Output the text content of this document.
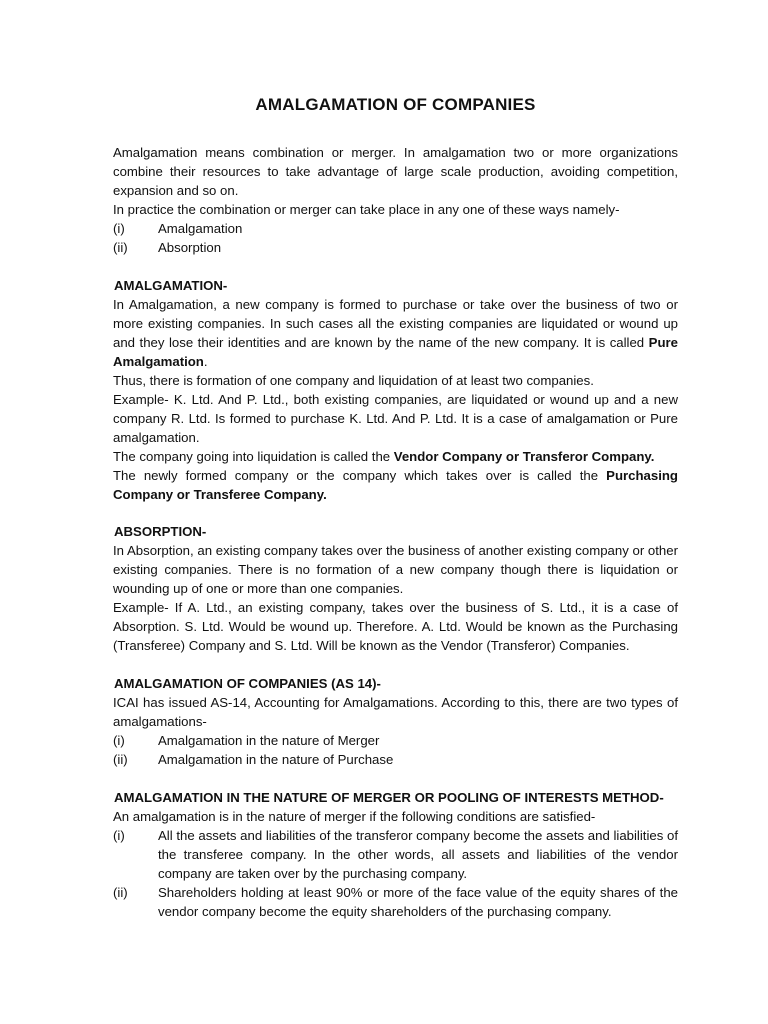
AMALGAMATION OF COMPANIES

Amalgamation means combination or merger. In amalgamation two or more organizations combine their resources to take advantage of large scale production, avoiding competition, expansion and so on.

In practice the combination or merger can take place in any one of these ways namely-

(i)	Amalgamation
(ii)	Absorption

AMALGAMATION-

In Amalgamation, a new company is formed to purchase or take over the business of two or more existing companies. In such cases all the existing companies are liquidated or wound up and they lose their identities and are known by the name of the new company. It is called Pure Amalgamation.

Thus, there is formation of one company and liquidation of at least two companies.

Example- K. Ltd. And P. Ltd., both existing companies, are liquidated or wound up and a new company R. Ltd. Is formed to purchase K. Ltd. And P. Ltd. It is a case of amalgamation or Pure amalgamation.

The company going into liquidation is called the Vendor Company or Transferor Company.

The newly formed company or the company which takes over is called the Purchasing Company or Transferee Company.

ABSORPTION-

In Absorption, an existing company takes over the business of another existing company or other existing companies. There is no formation of a new company though there is liquidation or wounding up of one or more than one companies.

Example- If A. Ltd., an existing company, takes over the business of S. Ltd., it is a case of Absorption. S. Ltd. Would be wound up. Therefore. A. Ltd. Would be known as the Purchasing (Transferee) Company and S. Ltd. Will be known as the Vendor (Transferor) Companies.

AMALGAMATION OF COMPANIES (AS 14)-

ICAI has issued AS-14, Accounting for Amalgamations. According to this, there are two types of amalgamations-

(i)	Amalgamation in the nature of Merger
(ii)	Amalgamation in the nature of Purchase

AMALGAMATION IN THE NATURE OF MERGER OR POOLING OF INTERESTS METHOD-

An amalgamation is in the nature of merger if the following conditions are satisfied-

(i)	All the assets and liabilities of the transferor company become the assets and liabilities of the transferee company. In the other words, all assets and liabilities of the vendor company are taken over by the purchasing company.
(ii)	Shareholders holding at least 90% or more of the face value of the equity shares of the vendor company become the equity shareholders of the purchasing company.
